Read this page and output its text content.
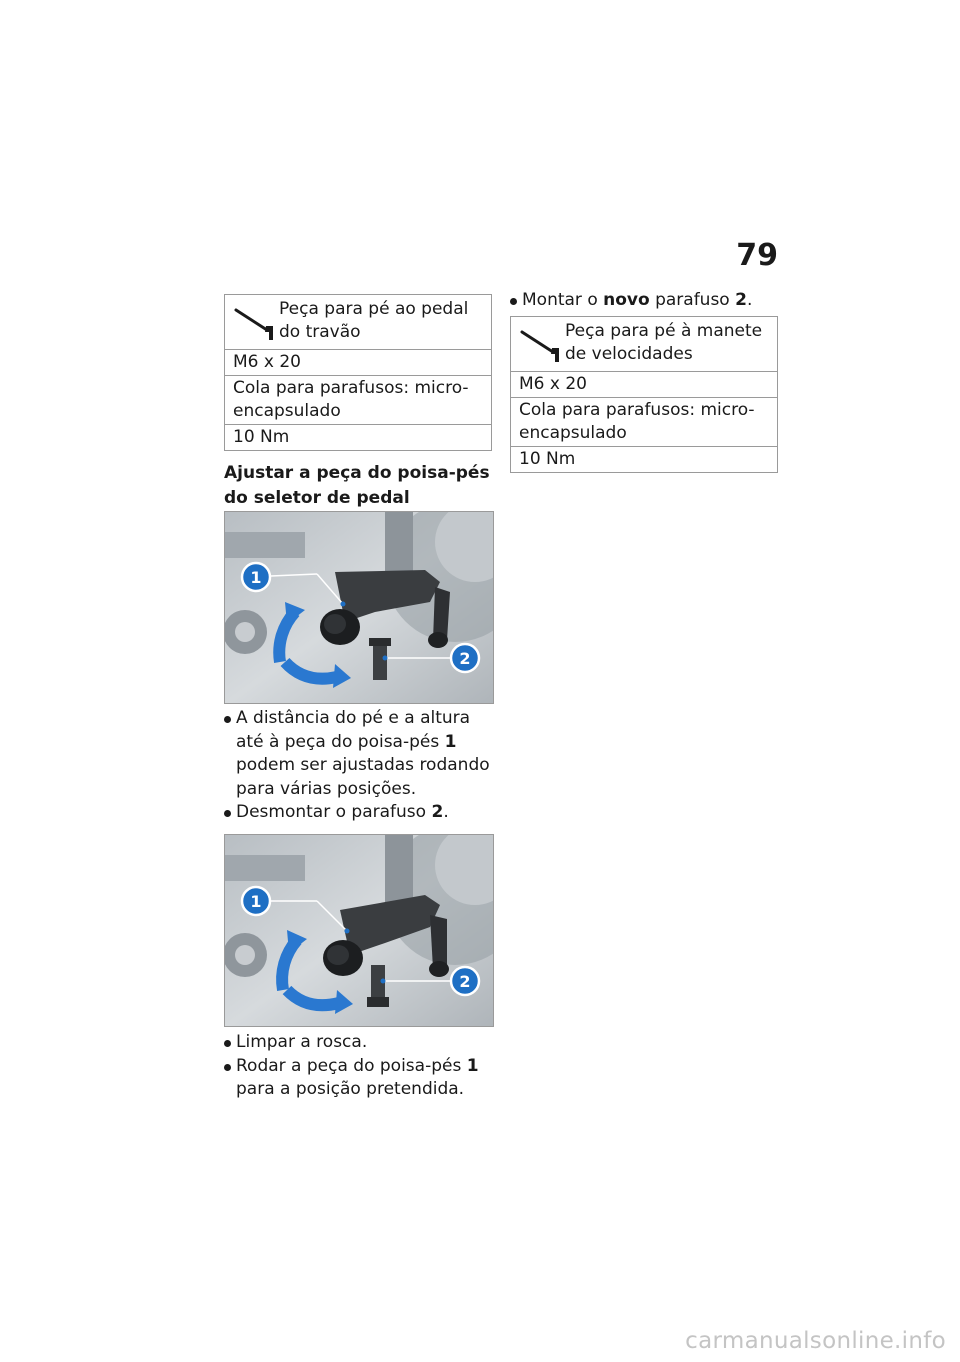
79
Peça para pé ao pedal do travão
M6 x 20
Cola para parafusos: micro-encapsulado
10 Nm
Ajustar a peça do poisa-pés do seletor de pedal
1
2
A distância do pé e a altura até à peça do poisa-pés 1 podem ser ajustadas rodando para várias posições.
Desmontar o parafuso 2.
1
2
Limpar a rosca.
Rodar a peça do poisa-pés 1 para a posição pretendida.
Montar o novo parafuso 2.
Peça para pé à manete de velocidades
M6 x 20
Cola para parafusos: micro-encapsulado
10 Nm
carmanualsonline.info
